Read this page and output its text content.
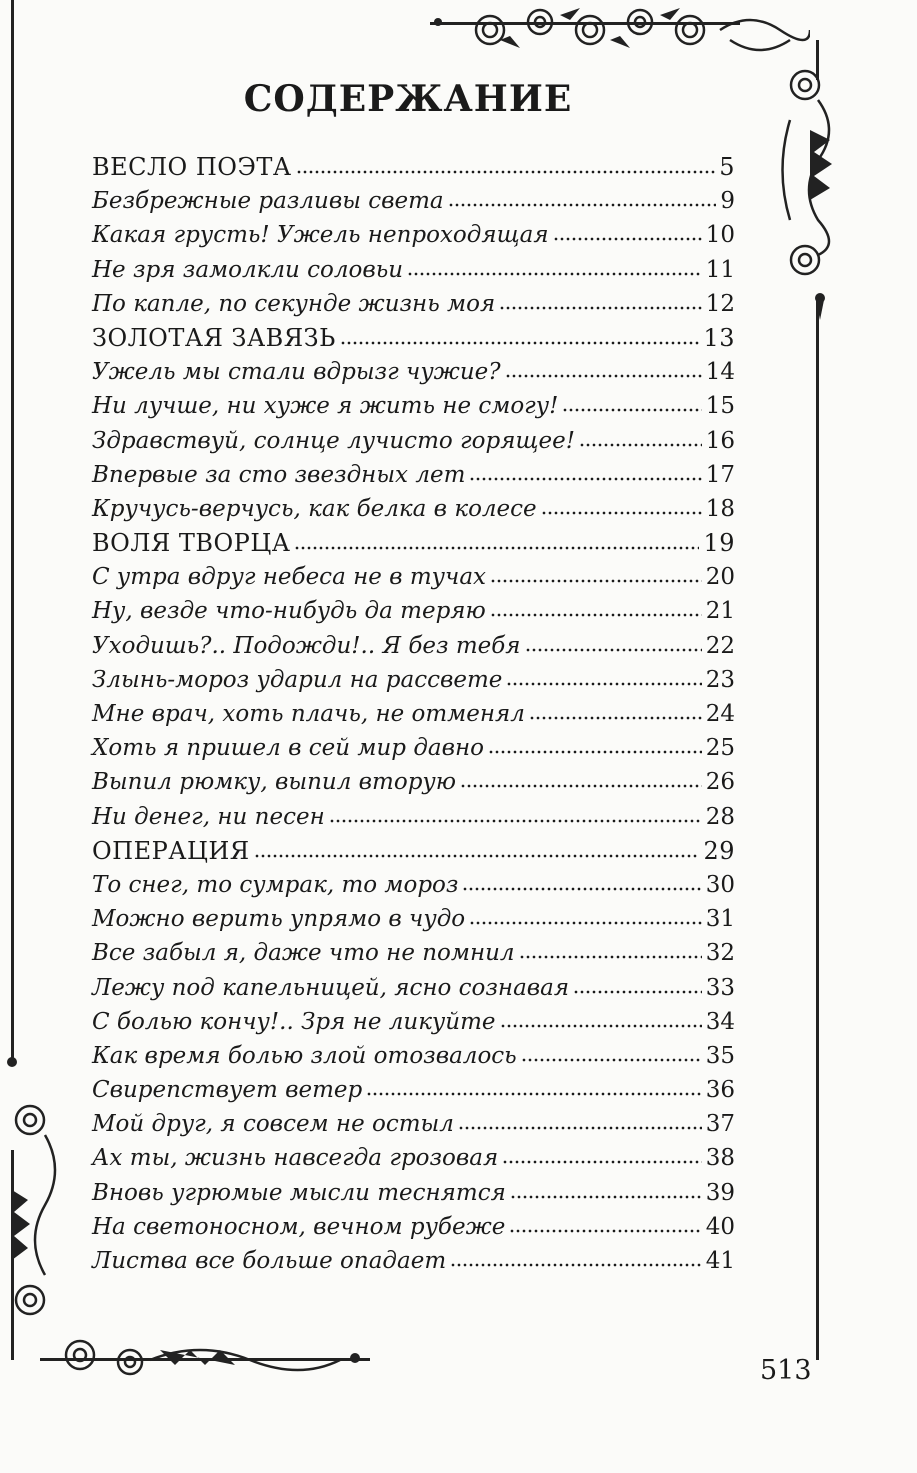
СОДЕРЖАНИЕ
ВЕСЛО ПОЭТА	5
Безбрежные разливы света	9
Какая грусть! Ужель непроходящая	10
Не зря замолкли соловьи	11
По капле, по секунде жизнь моя	12
ЗОЛОТАЯ ЗАВЯЗЬ	13
Ужель мы стали вдрызг чужие?	14
Ни лучше, ни хуже я жить не смогу!	15
Здравствуй, солнце лучисто горящее!	16
Впервые за сто звездных лет	17
Кручусь-верчусь, как белка в колесе	18
ВОЛЯ ТВОРЦА	19
С утра вдруг небеса не в тучах	20
Ну, везде что-нибудь да теряю	21
Уходишь?.. Подожди!.. Я без тебя	22
Злынь-мороз ударил на рассвете	23
Мне врач, хоть плачь, не отменял	24
Хоть я пришел в сей мир давно	25
Выпил рюмку, выпил вторую	26
Ни денег, ни песен	28
ОПЕРАЦИЯ	29
То снег, то сумрак, то мороз	30
Можно верить упрямо в чудо	31
Все забыл я, даже что не помнил	32
Лежу под капельницей, ясно сознавая	33
С болью кончу!.. Зря не ликуйте	34
Как время болью злой отозвалось	35
Свирепствует ветер	36
Мой друг, я совсем не остыл	37
Ах ты, жизнь навсегда грозовая	38
Вновь угрюмые мысли теснятся	39
На светоносном, вечном рубеже	40
Листва все больше опадает	41
513
